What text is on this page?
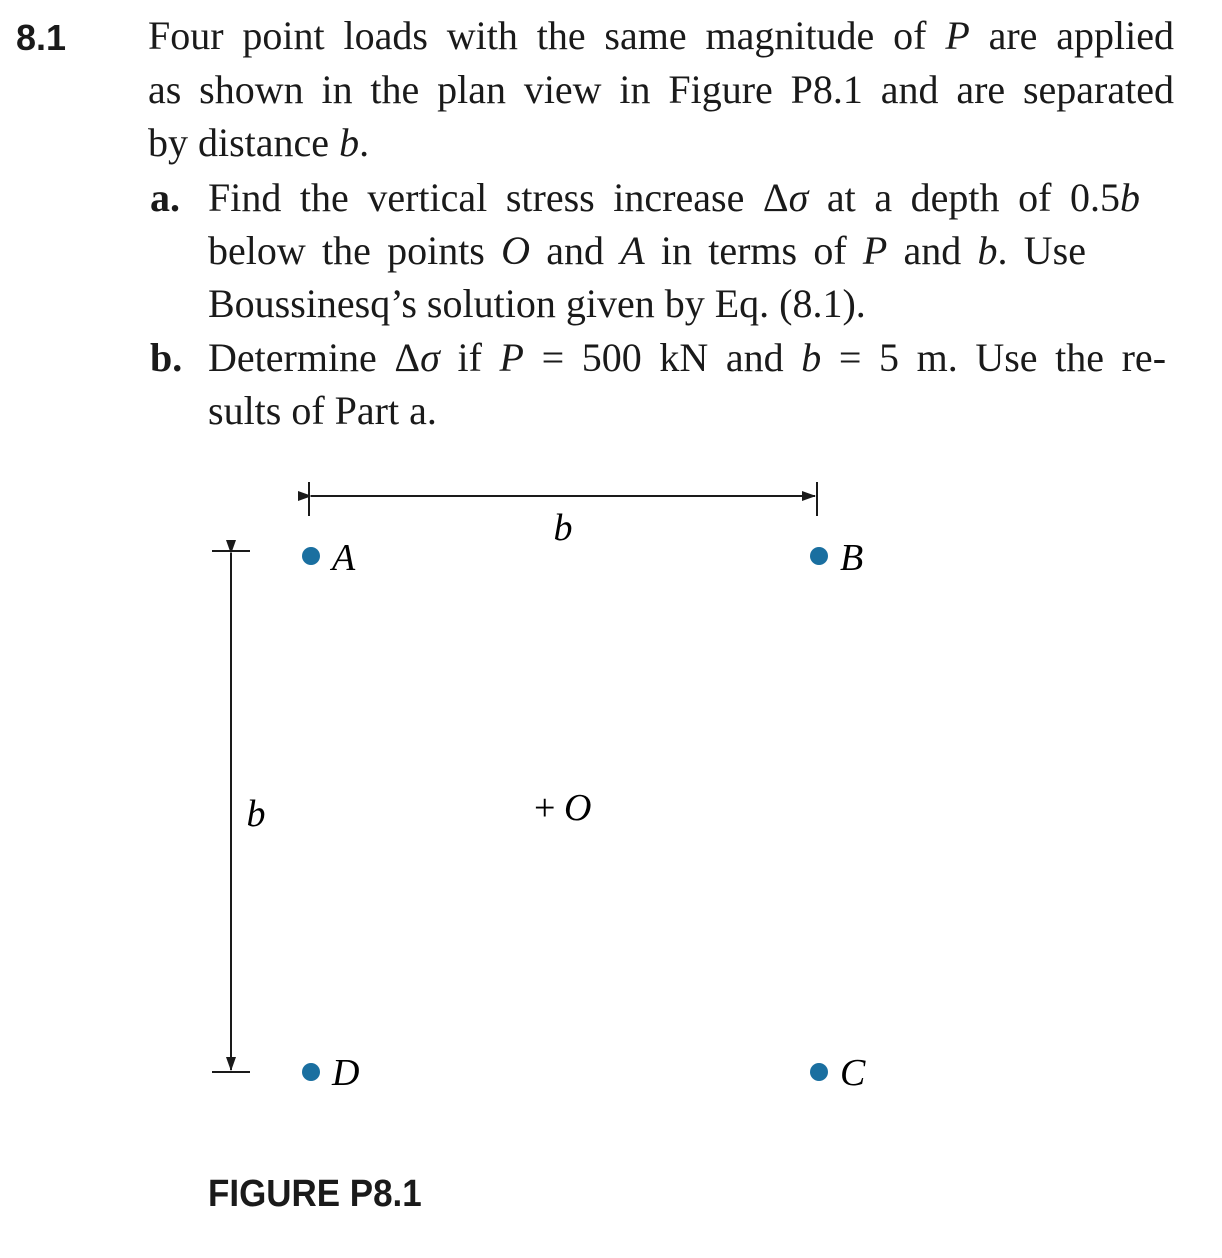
8.1 Four point loads with the same magnitude of P are applied
as shown in the plan view in Figure P8.1 and are separated
by distance b.
a. Find the vertical stress increase Δσ at a depth of 0.5b
below the points O and A in terms of P and b. Use
Boussinesq’s solution given by Eq. (8.1).
b. Determine Δσ if P = 500 kN and b = 5 m. Use the re-
sults of Part a.
b
b
A	B
C
D
+ O
FIGURE P8.1
